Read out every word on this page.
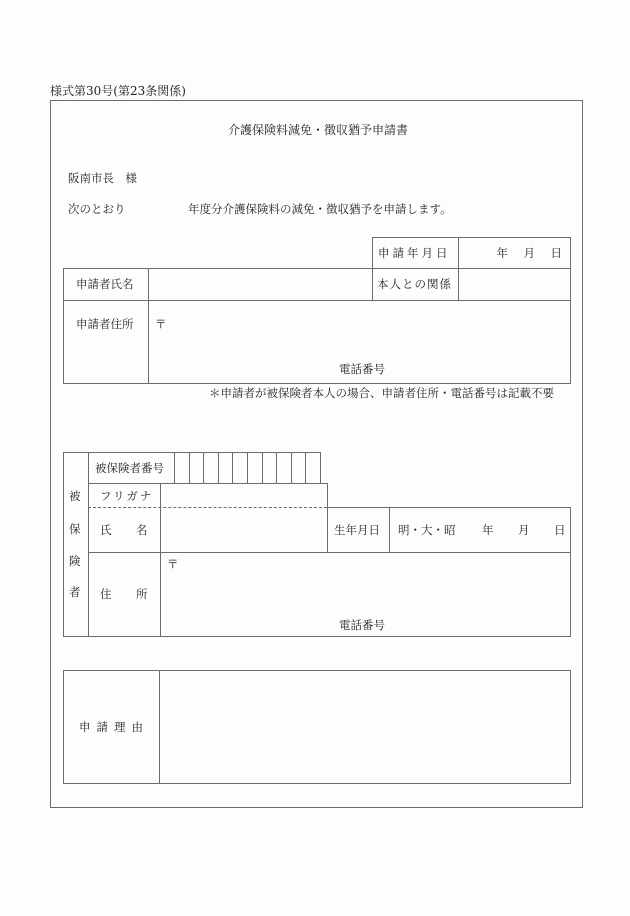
様式第30号(第23条関係)
介護保険料減免・徴収猶予申請書
阪南市長　様
次のとおり	年度分介護保険料の減免・徴収猶予を申請します。
申請年月日	年　月　日
申請者氏名	本人との関係
申請者住所 〒
電話番号
＊申請者が被保険者本人の場合、申請者住所・電話番号は記載不要
被
保
険
者
被保険者番号
フリガナ
氏 名	生年月日 明・大・昭 年 月 日
住 所
〒
電話番号
申請理由
